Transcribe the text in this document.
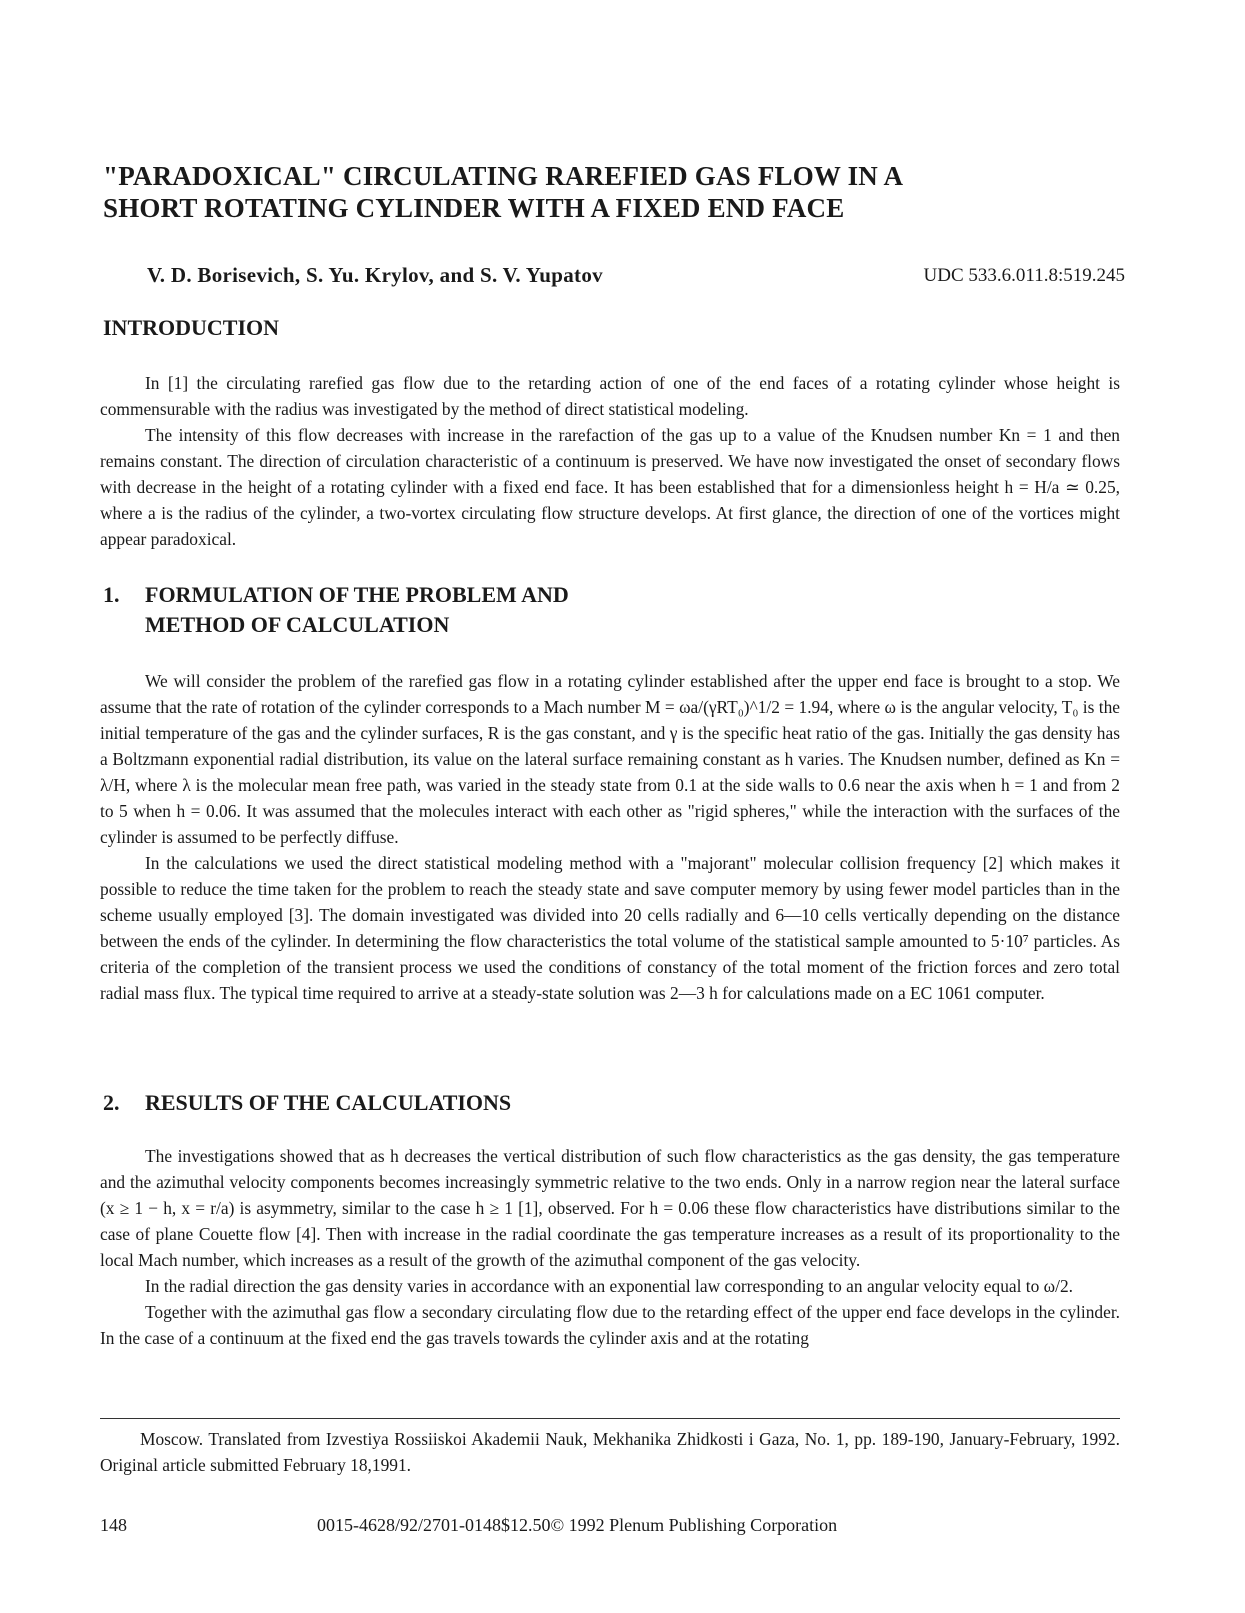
"PARADOXICAL" CIRCULATING RAREFIED GAS FLOW IN A
SHORT ROTATING CYLINDER WITH A FIXED END FACE
V. D. Borisevich, S. Yu. Krylov, and S. V. Yupatov	UDC 533.6.011.8:519.245
INTRODUCTION

In [1] the circulating rarefied gas flow due to the retarding action of one of the end faces of a rotating cylinder whose height is commensurable with the radius was investigated by the method of direct statistical modeling.

The intensity of this flow decreases with increase in the rarefaction of the gas up to a value of the Knudsen number Kn = 1 and then remains constant. The direction of circulation characteristic of a continuum is preserved. We have now investigated the onset of secondary flows with decrease in the height of a rotating cylinder with a fixed end face. It has been established that for a dimensionless height h = H/a ≃ 0.25, where a is the radius of the cylinder, a two-vortex circulating flow structure develops. At first glance, the direction of one of the vortices might appear paradoxical.

1. FORMULATION OF THE PROBLEM AND
METHOD OF CALCULATION

We will consider the problem of the rarefied gas flow in a rotating cylinder established after the upper end face is brought to a stop. We assume that the rate of rotation of the cylinder corresponds to a Mach number M = ωa/(γRT₀)^1/2 = 1.94, where ω is the angular velocity, T₀ is the initial temperature of the gas and the cylinder surfaces, R is the gas constant, and γ is the specific heat ratio of the gas. Initially the gas density has a Boltzmann exponential radial distribution, its value on the lateral surface remaining constant as h varies. The Knudsen number, defined as Kn = λ/H, where λ is the molecular mean free path, was varied in the steady state from 0.1 at the side walls to 0.6 near the axis when h = 1 and from 2 to 5 when h = 0.06. It was assumed that the molecules interact with each other as "rigid spheres," while the interaction with the surfaces of the cylinder is assumed to be perfectly diffuse.

In the calculations we used the direct statistical modeling method with a "majorant" molecular collision frequency [2] which makes it possible to reduce the time taken for the problem to reach the steady state and save computer memory by using fewer model particles than in the scheme usually employed [3]. The domain investigated was divided into 20 cells radially and 6—10 cells vertically depending on the distance between the ends of the cylinder. In determining the flow characteristics the total volume of the statistical sample amounted to 5·10⁷ particles. As criteria of the completion of the transient process we used the conditions of constancy of the total moment of the friction forces and zero total radial mass flux. The typical time required to arrive at a steady-state solution was 2—3 h for calculations made on a EC 1061 computer.

2. RESULTS OF THE CALCULATIONS

The investigations showed that as h decreases the vertical distribution of such flow characteristics as the gas density, the gas temperature and the azimuthal velocity components becomes increasingly symmetric relative to the two ends. Only in a narrow region near the lateral surface (x ≥ 1 − h, x = r/a) is asymmetry, similar to the case h ≥ 1 [1], observed. For h = 0.06 these flow characteristics have distributions similar to the case of plane Couette flow [4]. Then with increase in the radial coordinate the gas temperature increases as a result of its proportionality to the local Mach number, which increases as a result of the growth of the azimuthal component of the gas velocity.

In the radial direction the gas density varies in accordance with an exponential law corresponding to an angular velocity equal to ω/2.

Together with the azimuthal gas flow a secondary circulating flow due to the retarding effect of the upper end face develops in the cylinder. In the case of a continuum at the fixed end the gas travels towards the cylinder axis and at the rotating

Moscow. Translated from Izvestiya Rossiiskoi Akademii Nauk, Mekhanika Zhidkosti i Gaza, No. 1, pp. 189-190, January-February, 1992. Original article submitted February 18,1991.

148	0015-4628/92/2701-0148$12.50© 1992 Plenum Publishing Corporation
